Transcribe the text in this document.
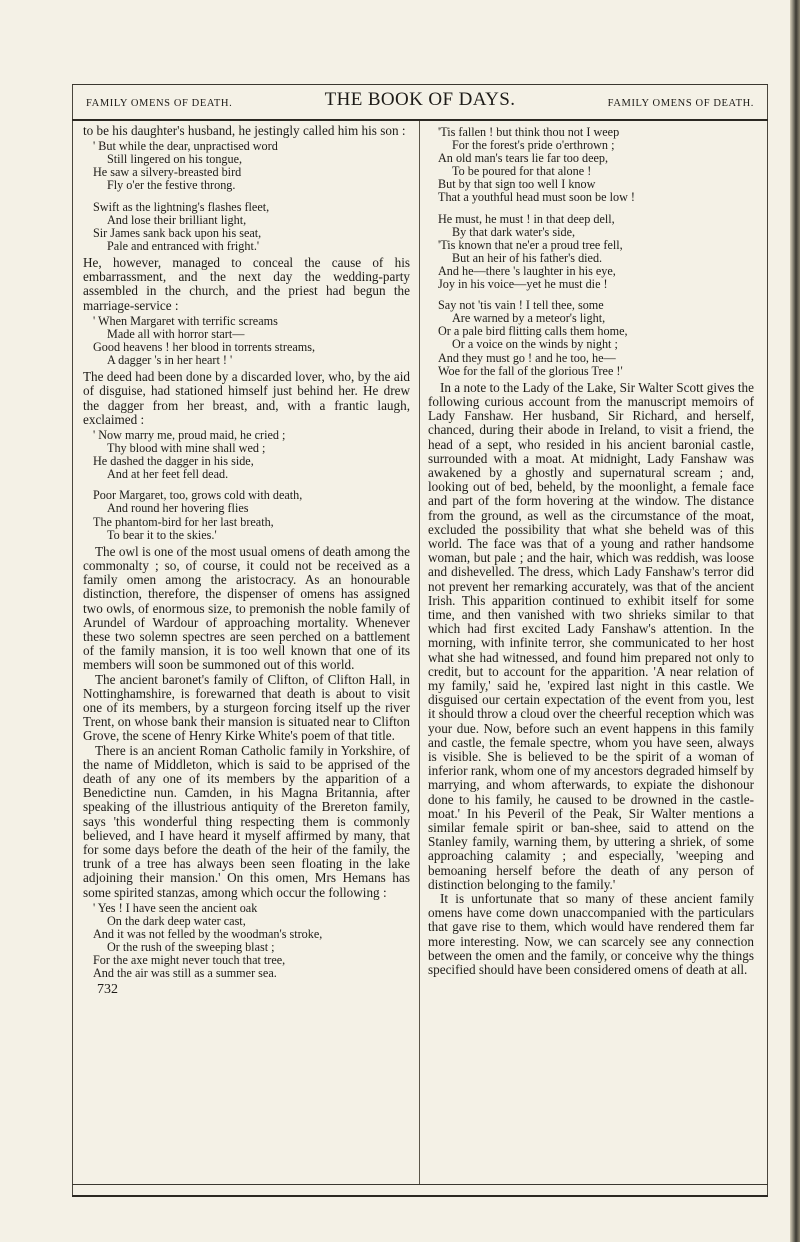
FAMILY OMENS OF DEATH.	THE BOOK OF DAYS.	FAMILY OMENS OF DEATH.

to be his daughter's husband, he jestingly called him his son :

' But while the dear, unpractised word
Still lingered on his tongue,
He saw a silvery-breasted bird
Fly o'er the festive throng.
Swift as the lightning's flashes fleet,
And lose their brilliant light,
Sir James sank back upon his seat,
Pale and entranced with fright.'

He, however, managed to conceal the cause of his embarrassment, and the next day the wedding-party assembled in the church, and the priest had begun the marriage-service :

' When Margaret with terrific screams
Made all with horror start—
Good heavens ! her blood in torrents streams,
A dagger 's in her heart ! '

The deed had been done by a discarded lover, who, by the aid of disguise, had stationed himself just behind her. He drew the dagger from her breast, and, with a frantic laugh, exclaimed :

' Now marry me, proud maid, he cried ;
Thy blood with mine shall wed ;
He dashed the dagger in his side,
And at her feet fell dead.
Poor Margaret, too, grows cold with death,
And round her hovering flies
The phantom-bird for her last breath,
To bear it to the skies.'

The owl is one of the most usual omens of death among the commonalty ; so, of course, it could not be received as a family omen among the aristocracy. As an honourable distinction, therefore, the dispenser of omens has assigned two owls, of enormous size, to premonish the noble family of Arundel of Wardour of approaching mortality. Whenever these two solemn spectres are seen perched on a battlement of the family mansion, it is too well known that one of its members will soon be summoned out of this world.

The ancient baronet's family of Clifton, of Clifton Hall, in Nottinghamshire, is forewarned that death is about to visit one of its members, by a sturgeon forcing itself up the river Trent, on whose bank their mansion is situated near to Clifton Grove, the scene of Henry Kirke White's poem of that title.

There is an ancient Roman Catholic family in Yorkshire, of the name of Middleton, which is said to be apprised of the death of any one of its members by the apparition of a Benedictine nun. Camden, in his Magna Britannia, after speaking of the illustrious antiquity of the Brereton family, says 'this wonderful thing respecting them is commonly believed, and I have heard it myself affirmed by many, that for some days before the death of the heir of the family, the trunk of a tree has always been seen floating in the lake adjoining their mansion.' On this omen, Mrs Hemans has some spirited stanzas, among which occur the following :

' Yes ! I have seen the ancient oak
On the dark deep water cast,
And it was not felled by the woodman's stroke,
Or the rush of the sweeping blast ;
For the axe might never touch that tree,
And the air was still as a summer sea.
732
'Tis fallen ! but think thou not I weep
For the forest's pride o'erthrown ;
An old man's tears lie far too deep,
To be poured for that alone !
But by that sign too well I know
That a youthful head must soon be low !
He must, he must ! in that deep dell,
By that dark water's side,
'Tis known that ne'er a proud tree fell,
But an heir of his father's died.
And he—there 's laughter in his eye,
Joy in his voice—yet he must die !
Say not 'tis vain ! I tell thee, some
Are warned by a meteor's light,
Or a pale bird flitting calls them home,
Or a voice on the winds by night ;
And they must go ! and he too, he—
Woe for the fall of the glorious Tree !'

In a note to the Lady of the Lake, Sir Walter Scott gives the following curious account from the manuscript memoirs of Lady Fanshaw. Her husband, Sir Richard, and herself, chanced, during their abode in Ireland, to visit a friend, the head of a sept, who resided in his ancient baronial castle, surrounded with a moat. At midnight, Lady Fanshaw was awakened by a ghostly and supernatural scream ; and, looking out of bed, beheld, by the moonlight, a female face and part of the form hovering at the window. The distance from the ground, as well as the circumstance of the moat, excluded the possibility that what she beheld was of this world. The face was that of a young and rather handsome woman, but pale ; and the hair, which was reddish, was loose and dishevelled. The dress, which Lady Fanshaw's terror did not prevent her remarking accurately, was that of the ancient Irish. This apparition continued to exhibit itself for some time, and then vanished with two shrieks similar to that which had first excited Lady Fanshaw's attention. In the morning, with infinite terror, she communicated to her host what she had witnessed, and found him prepared not only to credit, but to account for the apparition. 'A near relation of my family,' said he, 'expired last night in this castle. We disguised our certain expectation of the event from you, lest it should throw a cloud over the cheerful reception which was your due. Now, before such an event happens in this family and castle, the female spectre, whom you have seen, always is visible. She is believed to be the spirit of a woman of inferior rank, whom one of my ancestors degraded himself by marrying, and whom afterwards, to expiate the dishonour done to his family, he caused to be drowned in the castle-moat.' In his Peveril of the Peak, Sir Walter mentions a similar female spirit or ban-shee, said to attend on the Stanley family, warning them, by uttering a shriek, of some approaching calamity ; and especially, 'weeping and bemoaning herself before the death of any person of distinction belonging to the family.'

It is unfortunate that so many of these ancient family omens have come down unaccompanied with the particulars that gave rise to them, which would have rendered them far more interesting. Now, we can scarcely see any connection between the omen and the family, or conceive why the things specified should have been considered omens of death at all.
